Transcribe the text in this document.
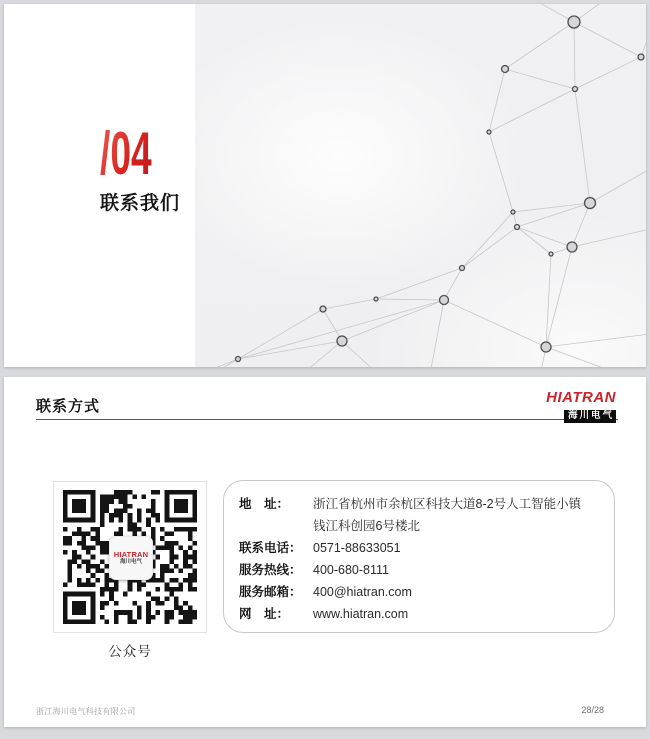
/04
联系我们
联系方式
HIATRAN
海川电气
HIATRAN
海川电气
公众号
地　址：	浙江省杭州市余杭区科技大道8-2号人工智能小镇
钱江科创园6号楼北
联系电话： 0571-88633051
服务热线： 400-680-8111
服务邮箱： 400@hiatran.com
网　址：	www.hiatran.com
浙江海川电气科技有限公司	28/28
